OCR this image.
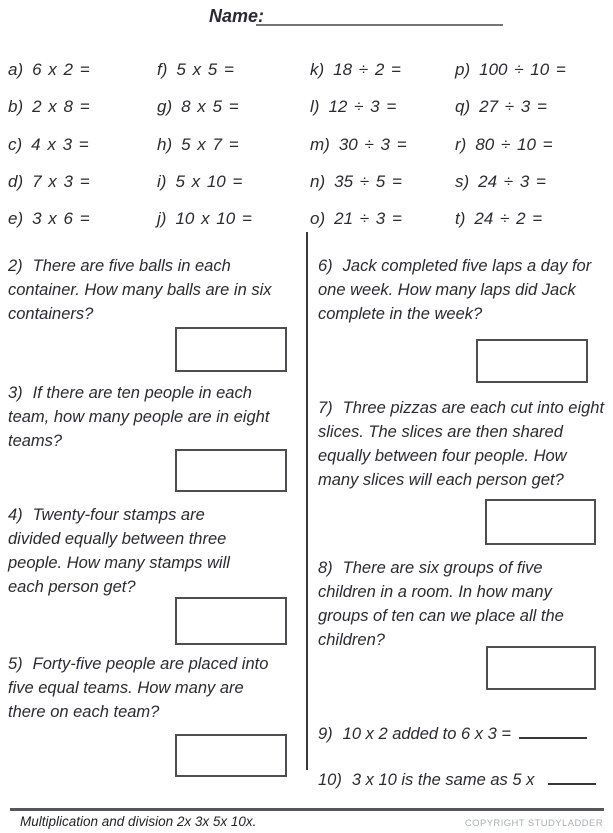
Name:
a) 6 x 2 =
b) 2 x 8 =
c) 4 x 3 =
d) 7 x 3 =
e) 3 x 6 =
f) 5 x 5 =
g) 8 x 5 =
h) 5 x 7 =
i) 5 x 10 =
j) 10 x 10 =
k) 18 ÷ 2 =
l) 12 ÷ 3 =
m) 30 ÷ 3 =
n) 35 ÷ 5 =
o) 21 ÷ 3 =
p) 100 ÷ 10 =
q) 27 ÷ 3 =
r) 80 ÷ 10 =
s) 24 ÷ 3 =
t) 24 ÷ 2 =

2) There are five balls in each container. How many balls are in six containers?

3) If there are ten people in each team, how many people are in eight teams?

4) Twenty-four stamps are divided equally between three people. How many stamps will each person get?

5) Forty-five people are placed into five equal teams. How many are there on each team?

6) Jack completed five laps a day for one week. How many laps did Jack complete in the week?

7) Three pizzas are each cut into eight slices. The slices are then shared equally between four people. How many slices will each person get?

8) There are six groups of five children in a room. In how many groups of ten can we place all the children?

9) 10 x 2 added to 6 x 3 =

10) 3 x 10 is the same as 5 x

Multiplication and division 2x 3x 5x 10x.	COPYRIGHT STUDYLADDER
